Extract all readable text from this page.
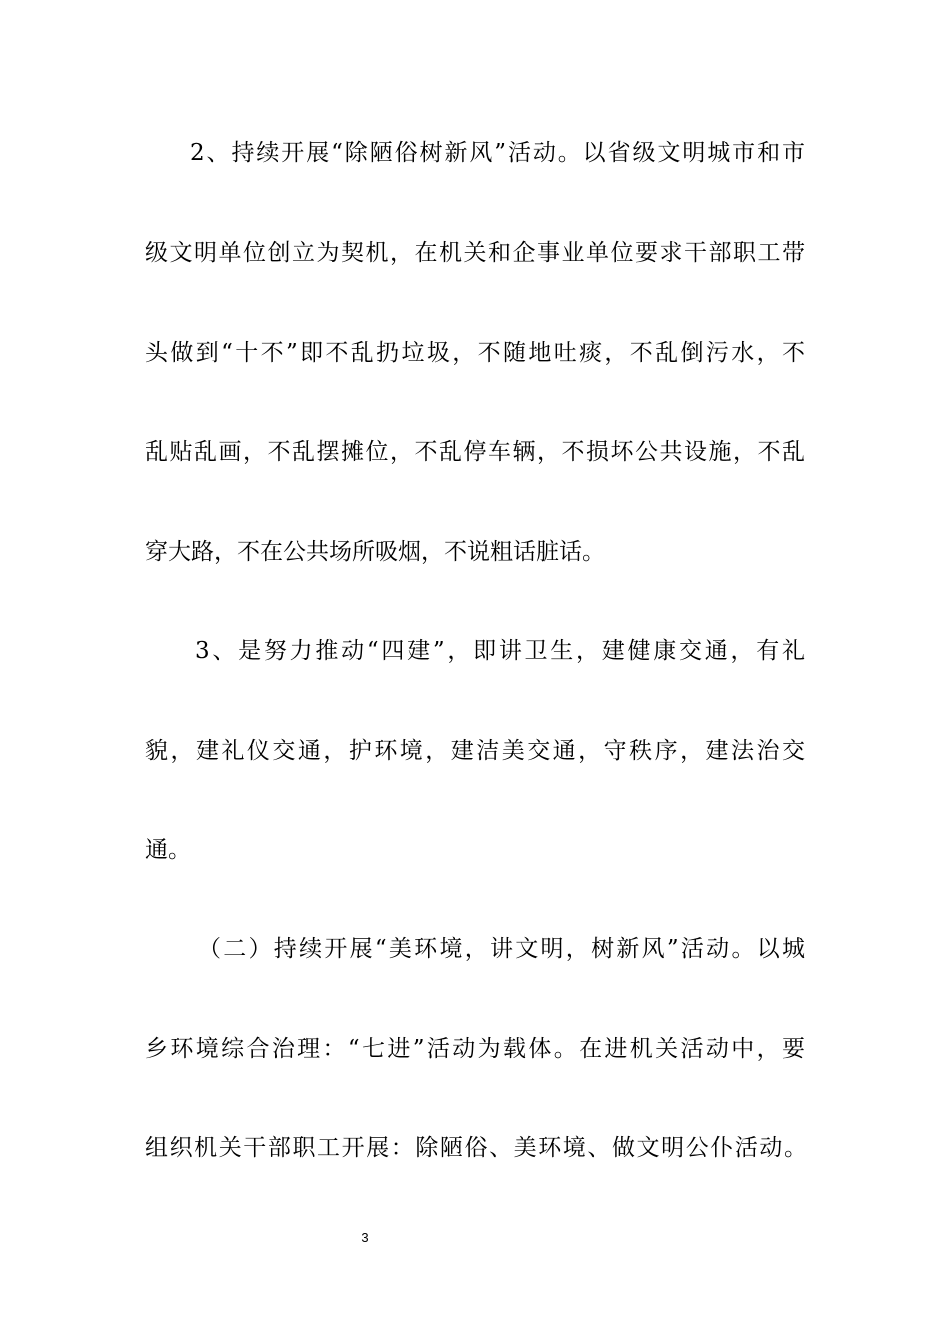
2、持续开展“除陋俗树新风”活动。以省级文明城市和市

级文明单位创立为契机，在机关和企事业单位要求干部职工带

头做到“十不”即不乱扔垃圾，不随地吐痰，不乱倒污水，不

乱贴乱画，不乱摆摊位，不乱停车辆，不损坏公共设施，不乱

穿大路，不在公共场所吸烟，不说粗话脏话。

3、是努力推动“四建”，即讲卫生，建健康交通，有礼

貌，建礼仪交通，护环境，建洁美交通，守秩序，建法治交

通。

（二）持续开展“美环境，讲文明，树新风”活动。以城

乡环境综合治理：“七进”活动为载体。在进机关活动中，要

组织机关干部职工开展：除陋俗、美环境、做文明公仆活动。

3
